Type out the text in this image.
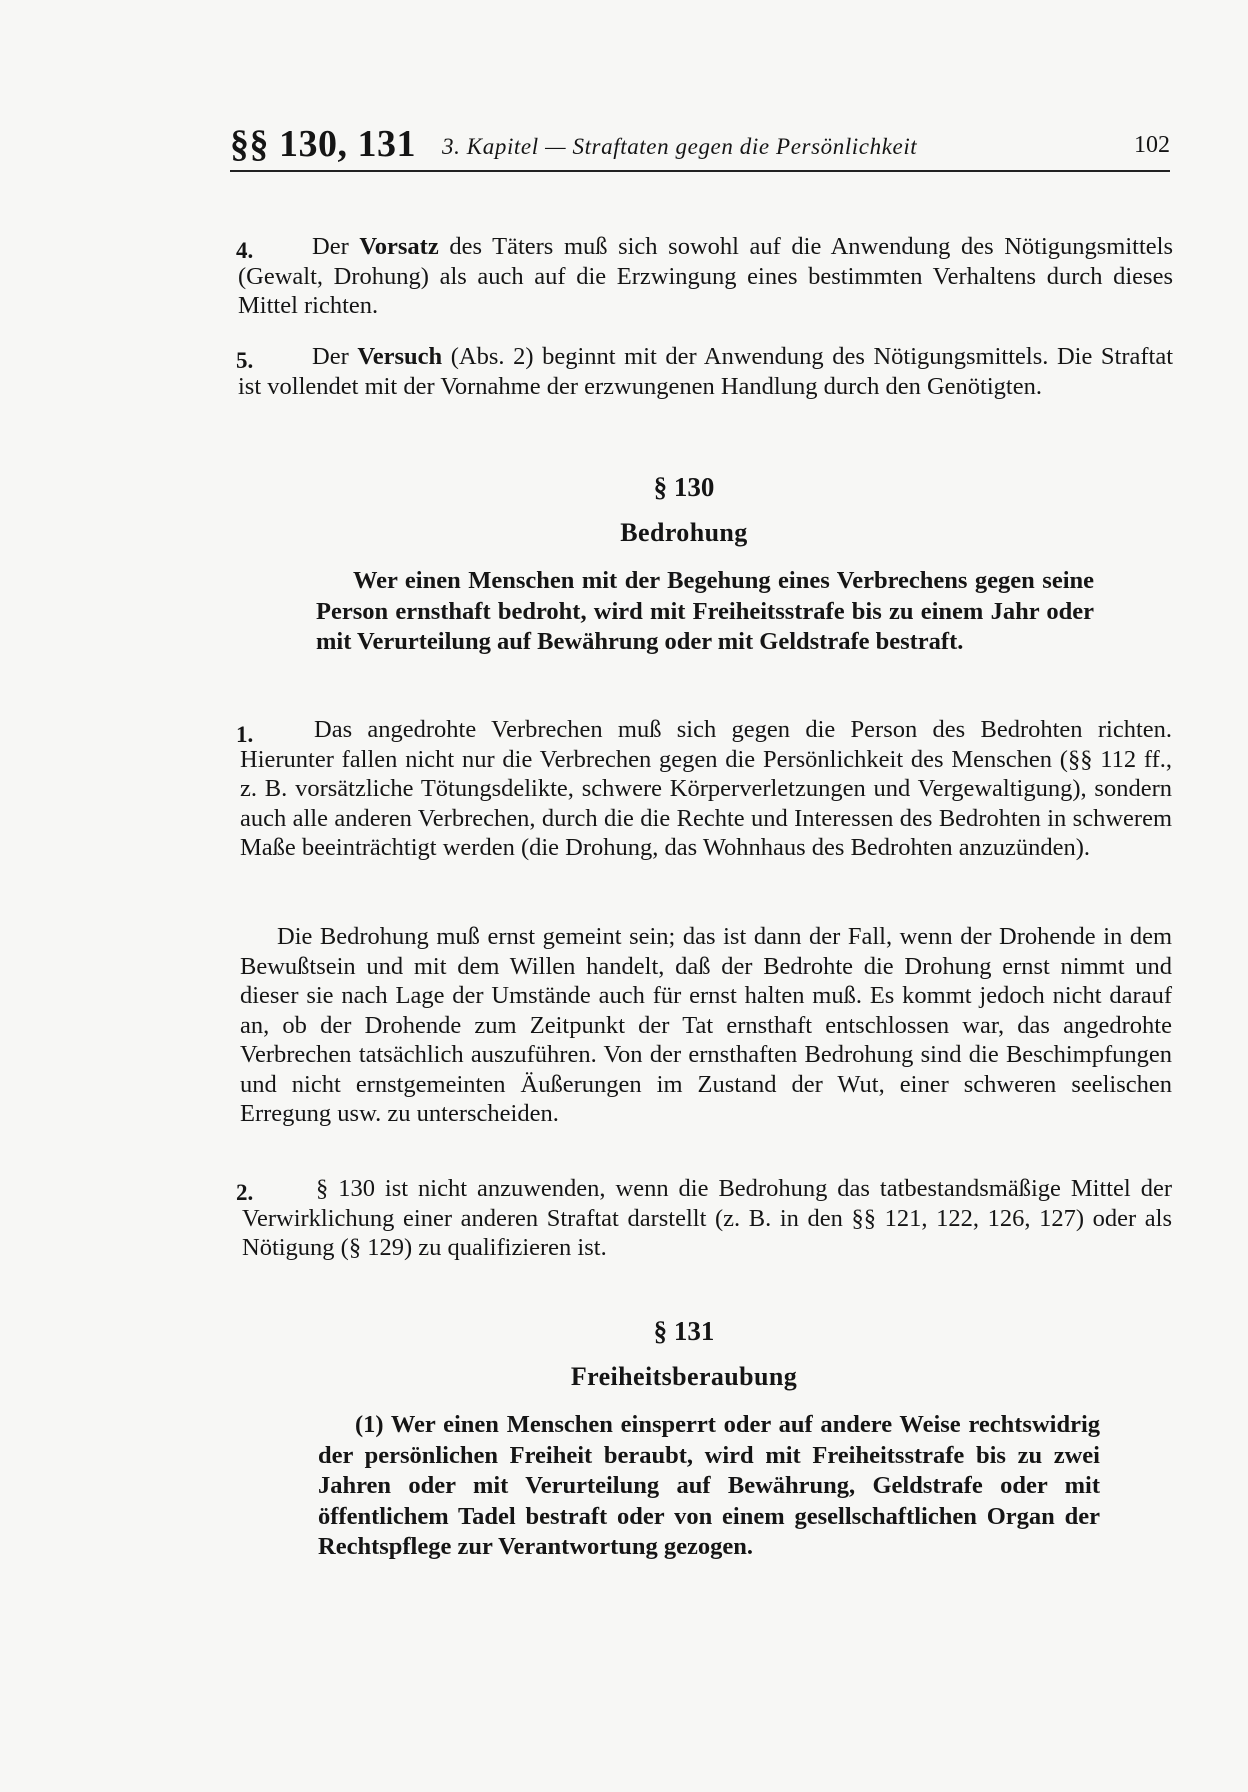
§§ 130, 131 3. Kapitel — Straftaten gegen die Persönlichkeit	102
4.	Der Vorsatz des Täters muß sich sowohl auf die Anwendung des Nötigungsmittels (Gewalt, Drohung) als auch auf die Erzwingung eines bestimmten Verhaltens durch dieses Mittel richten.
5.	Der Versuch (Abs. 2) beginnt mit der Anwendung des Nötigungsmittels. Die Straftat ist vollendet mit der Vornahme der erzwungenen Handlung durch den Genötigten.
§ 130
Bedrohung
Wer einen Menschen mit der Begehung eines Verbrechens gegen seine Person ernsthaft bedroht, wird mit Freiheitsstrafe bis zu einem Jahr oder mit Verurteilung auf Bewährung oder mit Geldstrafe bestraft.
1.	Das angedrohte Verbrechen muß sich gegen die Person des Bedrohten richten. Hierunter fallen nicht nur die Verbrechen gegen die Persönlichkeit des Menschen (§§ 112 ff., z. B. vorsätzliche Tötungsdelikte, schwere Körperverletzungen und Vergewaltigung), sondern auch alle anderen Verbrechen, durch die die Rechte und Interessen des Bedrohten in schwerem Maße beeinträchtigt werden (die Drohung, das Wohnhaus des Bedrohten anzuzünden).
Die Bedrohung muß ernst gemeint sein; das ist dann der Fall, wenn der Drohende in dem Bewußtsein und mit dem Willen handelt, daß der Bedrohte die Drohung ernst nimmt und dieser sie nach Lage der Umstände auch für ernst halten muß. Es kommt jedoch nicht darauf an, ob der Drohende zum Zeitpunkt der Tat ernsthaft entschlossen war, das angedrohte Verbrechen tatsächlich auszuführen. Von der ernsthaften Bedrohung sind die Beschimpfungen und nicht ernstgemeinten Äußerungen im Zustand der Wut, einer schweren seelischen Erregung usw. zu unterscheiden.
2.	§ 130 ist nicht anzuwenden, wenn die Bedrohung das tatbestandsmäßige Mittel der Verwirklichung einer anderen Straftat darstellt (z. B. in den §§ 121, 122, 126, 127) oder als Nötigung (§ 129) zu qualifizieren ist.
§ 131
Freiheitsberaubung
(1) Wer einen Menschen einsperrt oder auf andere Weise rechtswidrig der persönlichen Freiheit beraubt, wird mit Freiheitsstrafe bis zu zwei Jahren oder mit Verurteilung auf Bewährung, Geldstrafe oder mit öffentlichem Tadel bestraft oder von einem gesellschaftlichen Organ der Rechtspflege zur Verantwortung gezogen.
